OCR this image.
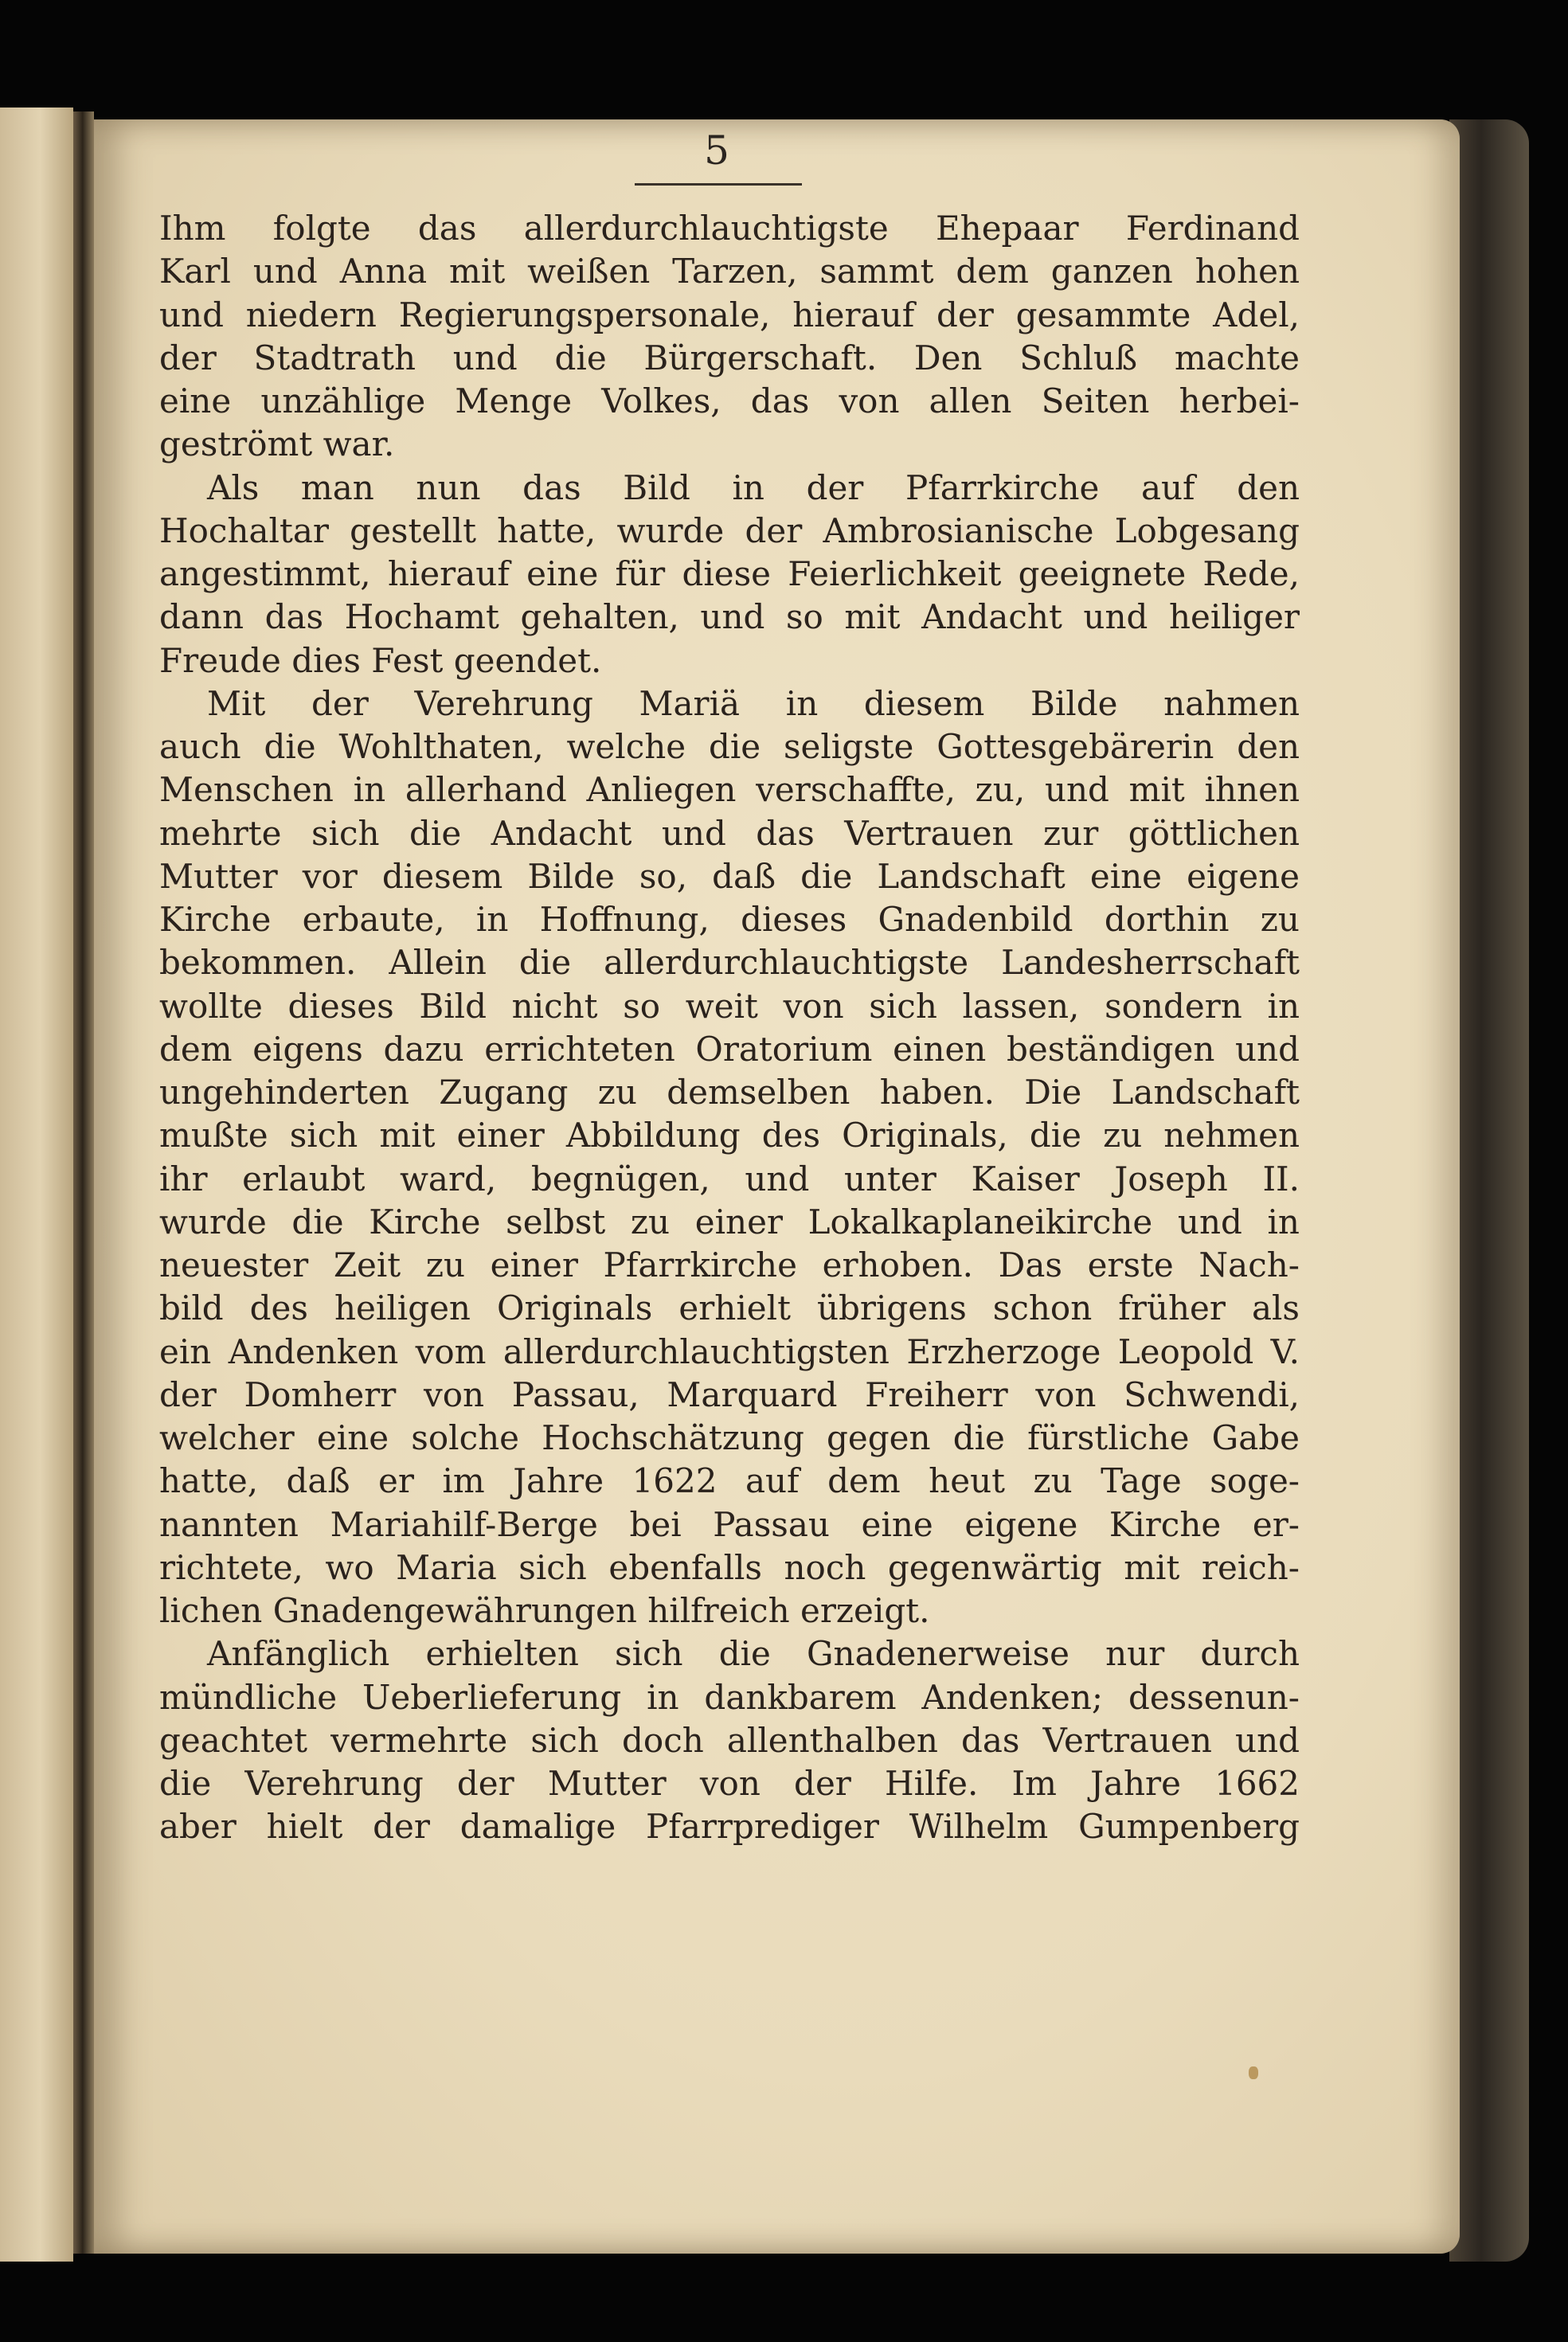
5
Ihm folgte das allerdurchlauchtigste Ehepaar Ferdinand
Karl und Anna mit weißen Tarzen, sammt dem ganzen hohen
und niedern Regierungspersonale, hierauf der gesammte Adel,
der Stadtrath und die Bürgerschaft. Den Schluß machte
eine unzählige Menge Volkes, das von allen Seiten herbei-
geströmt war.
Als man nun das Bild in der Pfarrkirche auf den
Hochaltar gestellt hatte, wurde der Ambrosianische Lobgesang
angestimmt, hierauf eine für diese Feierlichkeit geeignete Rede,
dann das Hochamt gehalten, und so mit Andacht und heiliger
Freude dies Fest geendet.
Mit der Verehrung Mariä in diesem Bilde nahmen
auch die Wohlthaten, welche die seligste Gottesgebärerin den
Menschen in allerhand Anliegen verschaffte, zu, und mit ihnen
mehrte sich die Andacht und das Vertrauen zur göttlichen
Mutter vor diesem Bilde so, daß die Landschaft eine eigene
Kirche erbaute, in Hoffnung, dieses Gnadenbild dorthin zu
bekommen. Allein die allerdurchlauchtigste Landesherrschaft
wollte dieses Bild nicht so weit von sich lassen, sondern in
dem eigens dazu errichteten Oratorium einen beständigen und
ungehinderten Zugang zu demselben haben. Die Landschaft
mußte sich mit einer Abbildung des Originals, die zu nehmen
ihr erlaubt ward, begnügen, und unter Kaiser Joseph II.
wurde die Kirche selbst zu einer Lokalkaplaneikirche und in
neuester Zeit zu einer Pfarrkirche erhoben. Das erste Nach-
bild des heiligen Originals erhielt übrigens schon früher als
ein Andenken vom allerdurchlauchtigsten Erzherzoge Leopold V.
der Domherr von Passau, Marquard Freiherr von Schwendi,
welcher eine solche Hochschätzung gegen die fürstliche Gabe
hatte, daß er im Jahre 1622 auf dem heut zu Tage soge-
nannten Mariahilf-Berge bei Passau eine eigene Kirche er-
richtete, wo Maria sich ebenfalls noch gegenwärtig mit reich-
lichen Gnadengewährungen hilfreich erzeigt.
Anfänglich erhielten sich die Gnadenerweise nur durch
mündliche Ueberlieferung in dankbarem Andenken; dessenun-
geachtet vermehrte sich doch allenthalben das Vertrauen und
die Verehrung der Mutter von der Hilfe. Im Jahre 1662
aber hielt der damalige Pfarrprediger Wilhelm Gumpenberg
